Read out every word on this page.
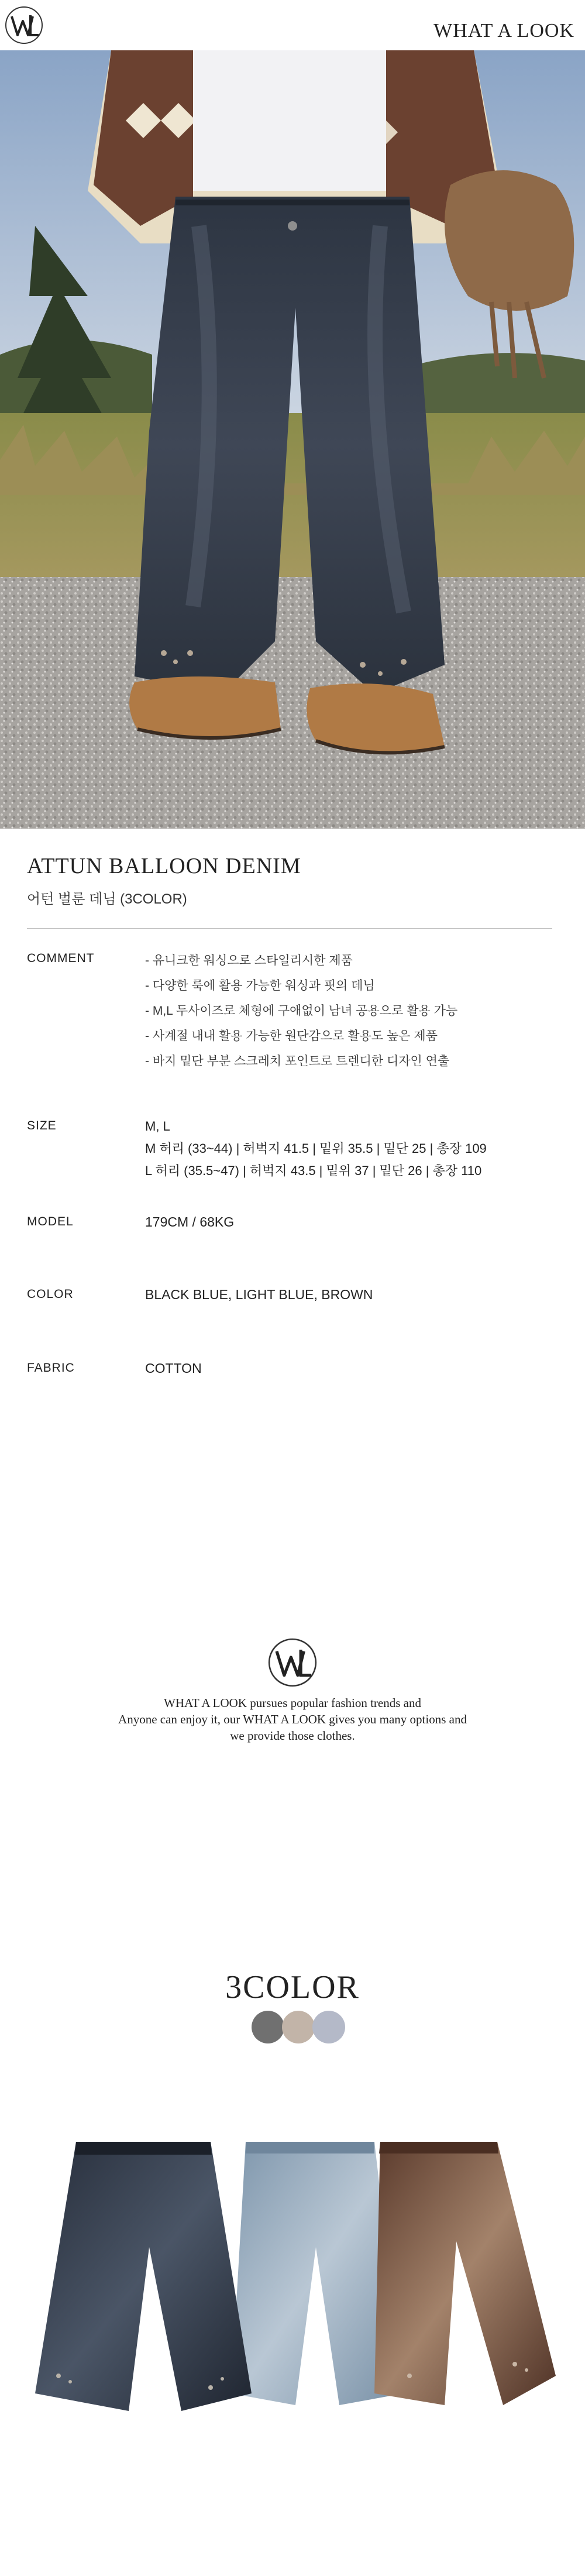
WHAT A LOOK
ATTUN BALLOON DENIM
어턴 벌룬 데님 (3COLOR)
COMMENT
-	유니크한 워싱으로 스타일리시한 제품
- 다양한 룩에 활용 가능한 워싱과 핏의 데님
- M,L 두사이즈로 체형에 구애없이 남녀 공용으로 활용 가능
- 사계절 내내 활용 가능한 원단감으로 활용도 높은 제품
- 바지 밑단 부분 스크레치 포인트로 트렌디한 디자인 연출
SIZE	M, L
M 허리 (33~44) | 허벅지 41.5 | 밑위 35.5 | 밑단 25 | 총장 109
L 허리 (35.5~47) | 허벅지 43.5 | 밑위 37 | 밑단 26 | 총장 110
MODEL	179CM / 68KG
COLOR	BLACK BLUE, LIGHT BLUE, BROWN
FABRIC	COTTON
WHAT A LOOK pursues popular fashion trends and
Anyone can enjoy it, our WHAT A LOOK gives you many options and
we provide those clothes.
3COLOR
